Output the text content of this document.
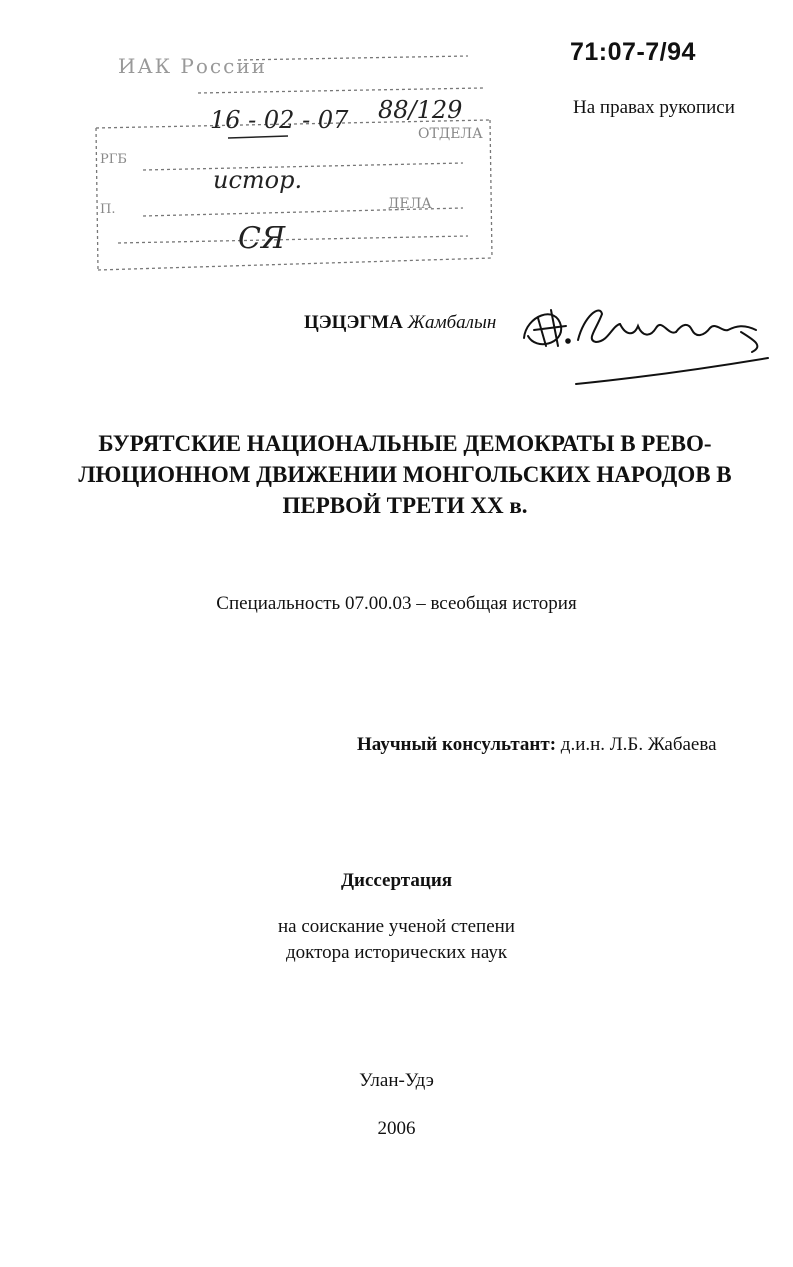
71:07-7/94
На правах рукописи
РГБ
П.
ОТДЕЛА
ДЕЛА
ИАК России
16 - 02 - 07 88/129
истор.
СЯ
ЦЭЦЭГМА Жамбалын
БУРЯТСКИЕ НАЦИОНАЛЬНЫЕ ДЕМОКРАТЫ В РЕВО-
ЛЮЦИОННОМ ДВИЖЕНИИ МОНГОЛЬСКИХ НАРОДОВ В
ПЕРВОЙ ТРЕТИ XX в.
Специальность 07.00.03 – всеобщая история
Научный консультант: д.и.н. Л.Б. Жабаева
Диссертация
на соискание ученой степени
доктора исторических наук
Улан-Удэ
2006
